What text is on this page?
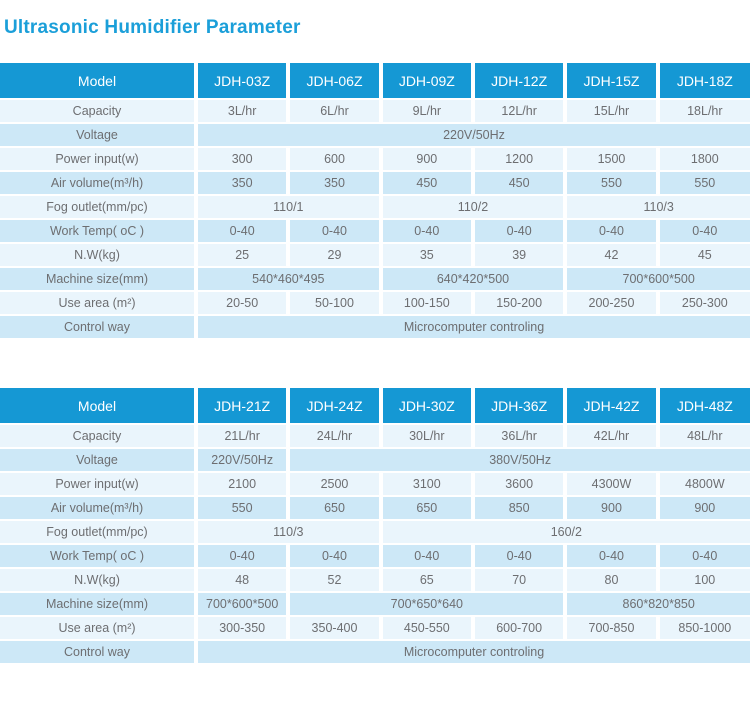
Ultrasonic Humidifier Parameter
Model	JDH-03Z	JDH-06Z	JDH-09Z	JDH-12Z	JDH-15Z	JDH-18Z
Capacity	3L/hr	6L/hr	9L/hr	12L/hr	15L/hr	18L/hr
Voltage	220V/50Hz					
Power input(w)	300	600	900	1200	1500	1800
Air volume(m³/h)	350	350	450	450	550	550
Fog outlet(mm/pc)	110/1		110/2		110/3	
Work Temp( oC )	0-40	0-40	0-40	0-40	0-40	0-40
N.W(kg)	25	29	35	39	42	45
Machine size(mm)	540*460*495		640*420*500		700*600*500	
Use area (m²)	20-50	50-100	100-150	150-200	200-250	250-300
Control way	Microcomputer controling					
Model	JDH-21Z	JDH-24Z	JDH-30Z	JDH-36Z	JDH-42Z	JDH-48Z
Capacity	21L/hr	24L/hr	30L/hr	36L/hr	42L/hr	48L/hr
Voltage	220V/50Hz	380V/50Hz				
Power input(w)	2100	2500	3100	3600	4300W	4800W
Air volume(m³/h)	550	650	650	850	900	900
Fog outlet(mm/pc)	110/3		160/2			
Work Temp( oC )	0-40	0-40	0-40	0-40	0-40	0-40
N.W(kg)	48	52	65	70	80	100
Machine size(mm)	700*600*500	700*650*640			860*820*850	
Use area (m²)	300-350	350-400	450-550	600-700	700-850	850-1000
Control way	Microcomputer controling					
